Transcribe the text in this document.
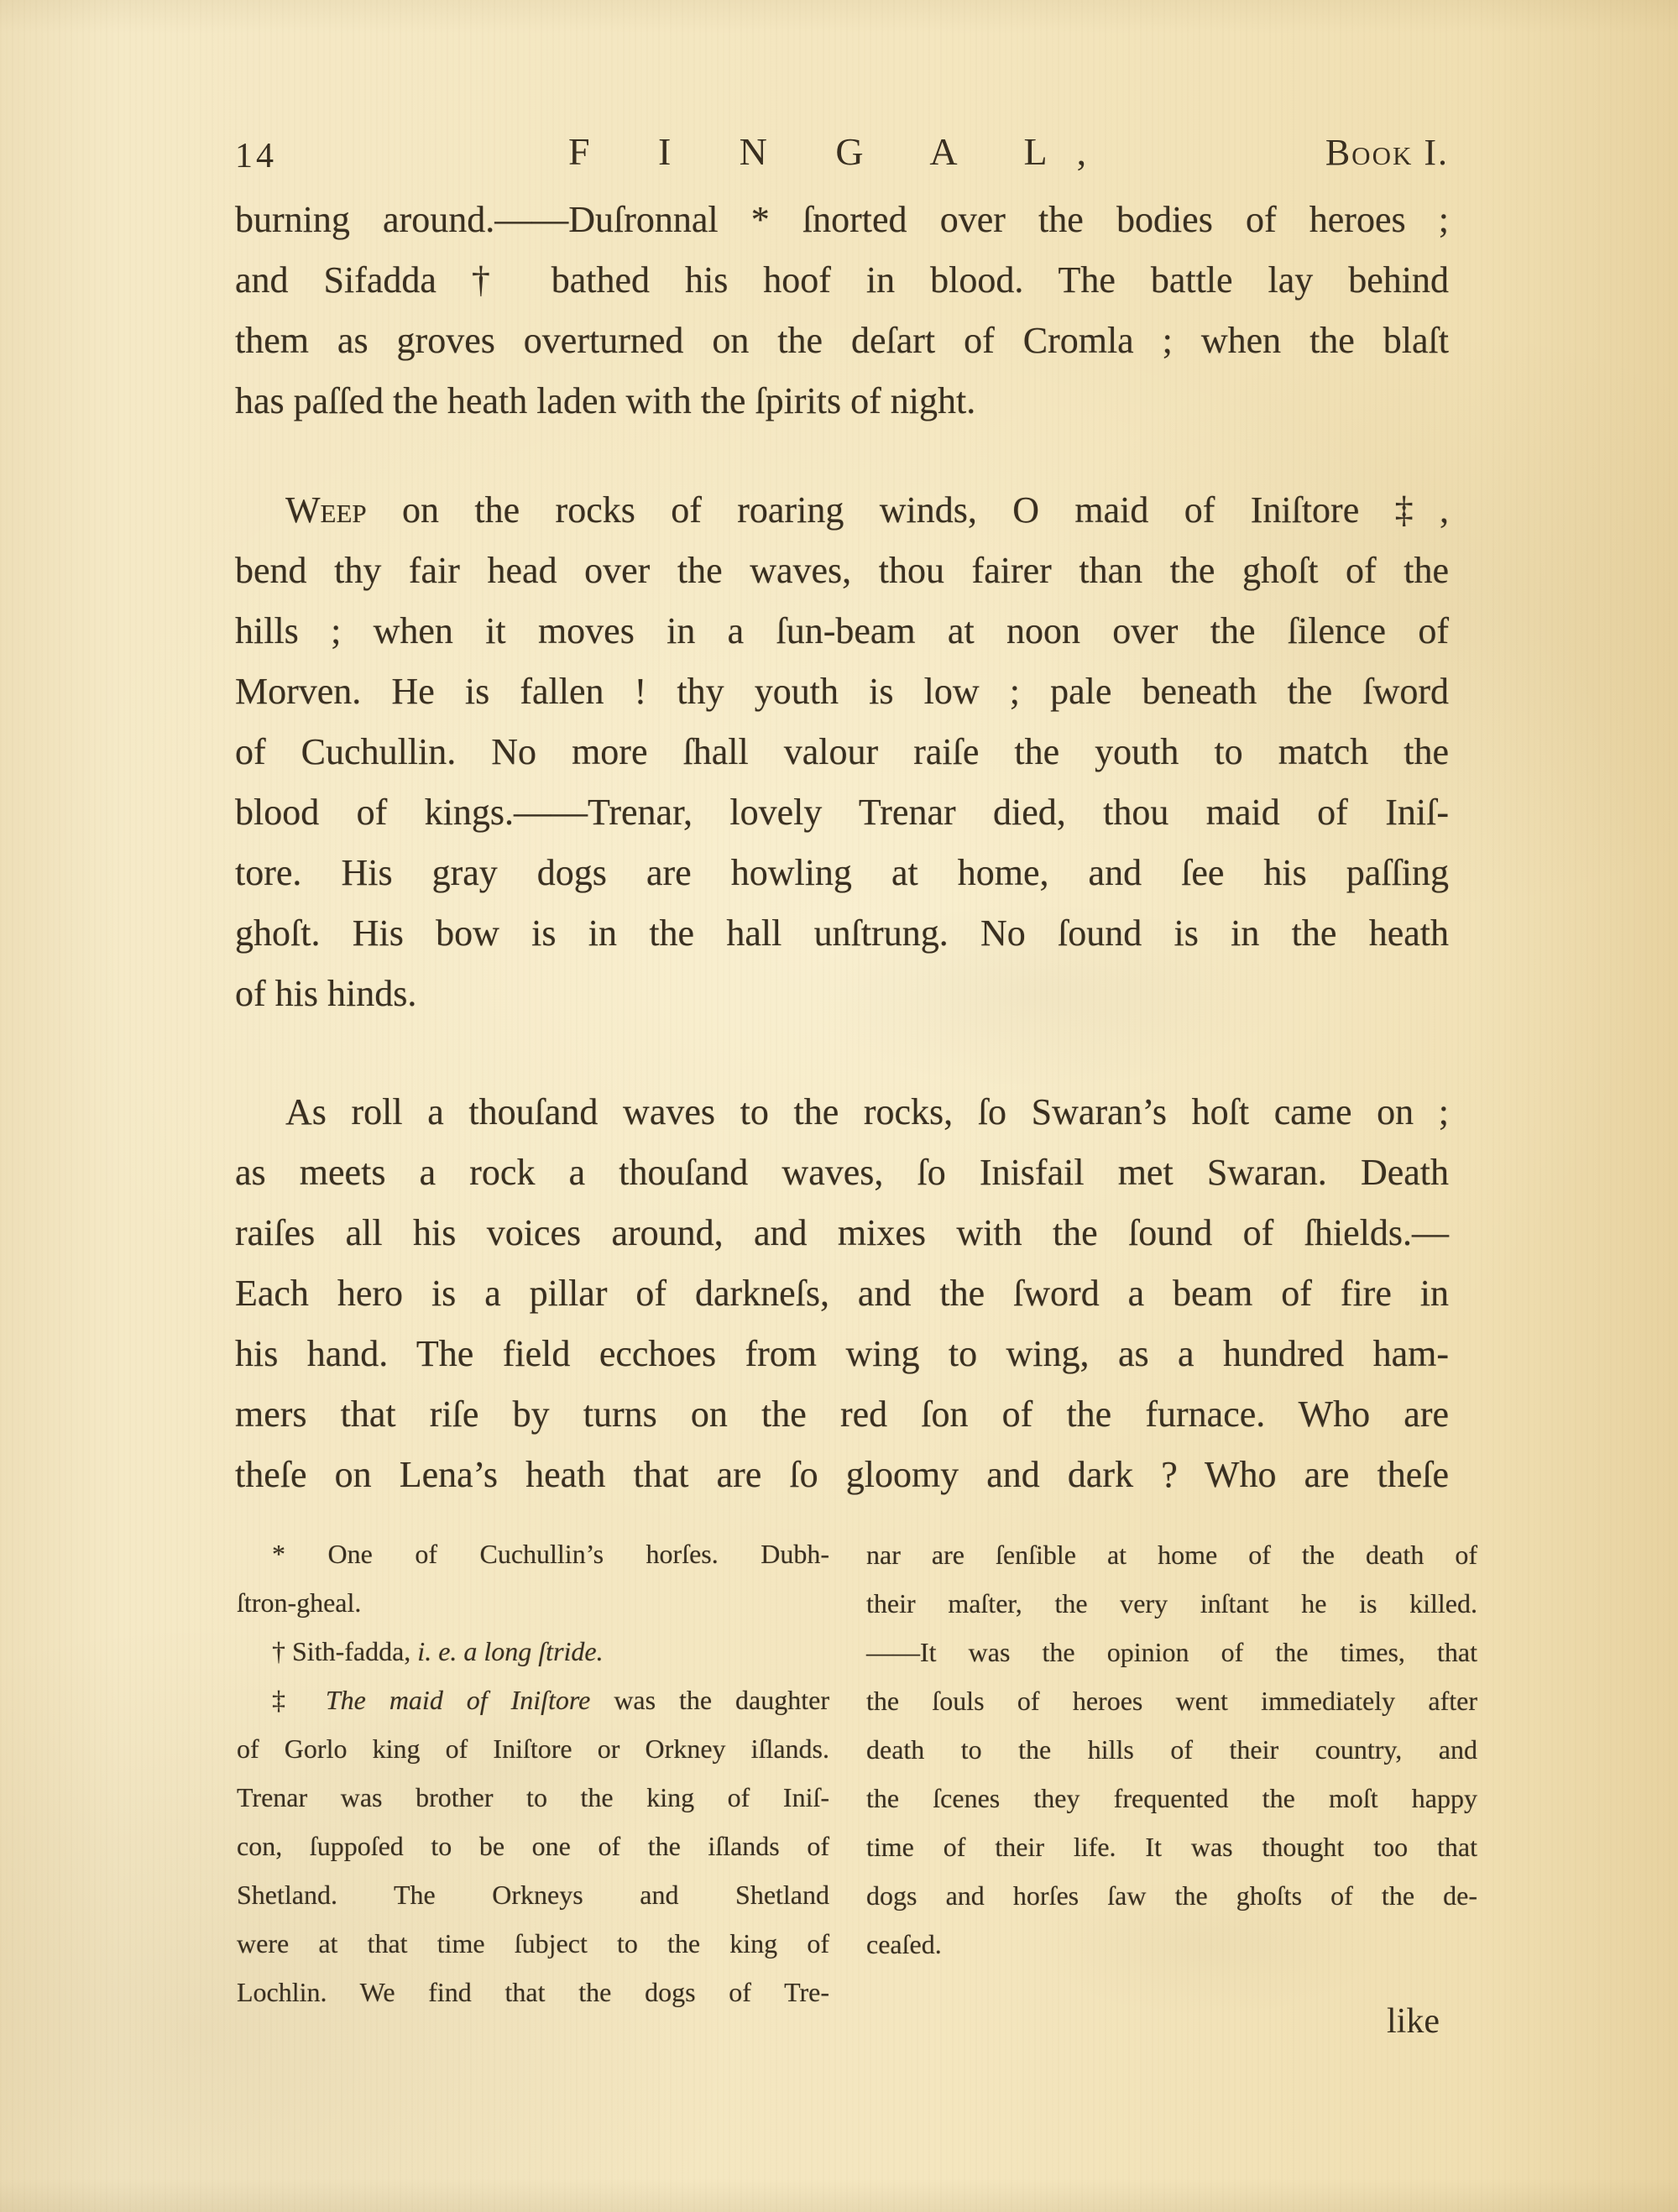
14	F I N G A L,	Book I.
burning around.——Duſronnal * ſnorted over the bodies of heroes ;
and Sifadda † bathed his hoof in blood. The battle lay behind
them as groves overturned on the deſart of Cromla ; when the blaſt
has paſſed the heath laden with the ſpirits of night.
Weep on the rocks of roaring winds, O maid of Iniſtore ‡,
bend thy fair head over the waves, thou fairer than the ghoſt of the
hills ; when it moves in a ſun-beam at noon over the ſilence of
Morven. He is fallen ! thy youth is low ; pale beneath the ſword
of Cuchullin. No more ſhall valour raiſe the youth to match the
blood of kings.——Trenar, lovely Trenar died, thou maid of Iniſ-
tore. His gray dogs are howling at home, and ſee his paſſing
ghoſt. His bow is in the hall unſtrung. No ſound is in the heath
of his hinds.
As roll a thouſand waves to the rocks, ſo Swaran’s hoſt came on ;
as meets a rock a thouſand waves, ſo Inisfail met Swaran. Death
raiſes all his voices around, and mixes with the ſound of ſhields.—
Each hero is a pillar of darkneſs, and the ſword a beam of fire in
his hand. The field ecchoes from wing to wing, as a hundred ham-
mers that riſe by turns on the red ſon of the furnace. Who are
theſe on Lena’s heath that are ſo gloomy and dark ? Who are theſe
* One of Cuchullin’s horſes. Dubh-
ſtron-gheal.
† Sith-fadda, i. e. a long ſtride.
‡ The maid of Iniſtore was the daughter
of Gorlo king of Iniſtore or Orkney iſlands.
Trenar was brother to the king of Iniſ-
con, ſuppoſed to be one of the iſlands of
Shetland. The Orkneys and Shetland
were at that time ſubject to the king of
Lochlin. We find that the dogs of Tre-
nar are ſenſible at home of the death of
their maſter, the very inſtant he is killed.
——It was the opinion of the times, that
the ſouls of heroes went immediately after
death to the hills of their country, and
the ſcenes they frequented the moſt happy
time of their life. It was thought too that
dogs and horſes ſaw the ghoſts of the de-
ceaſed.
like
